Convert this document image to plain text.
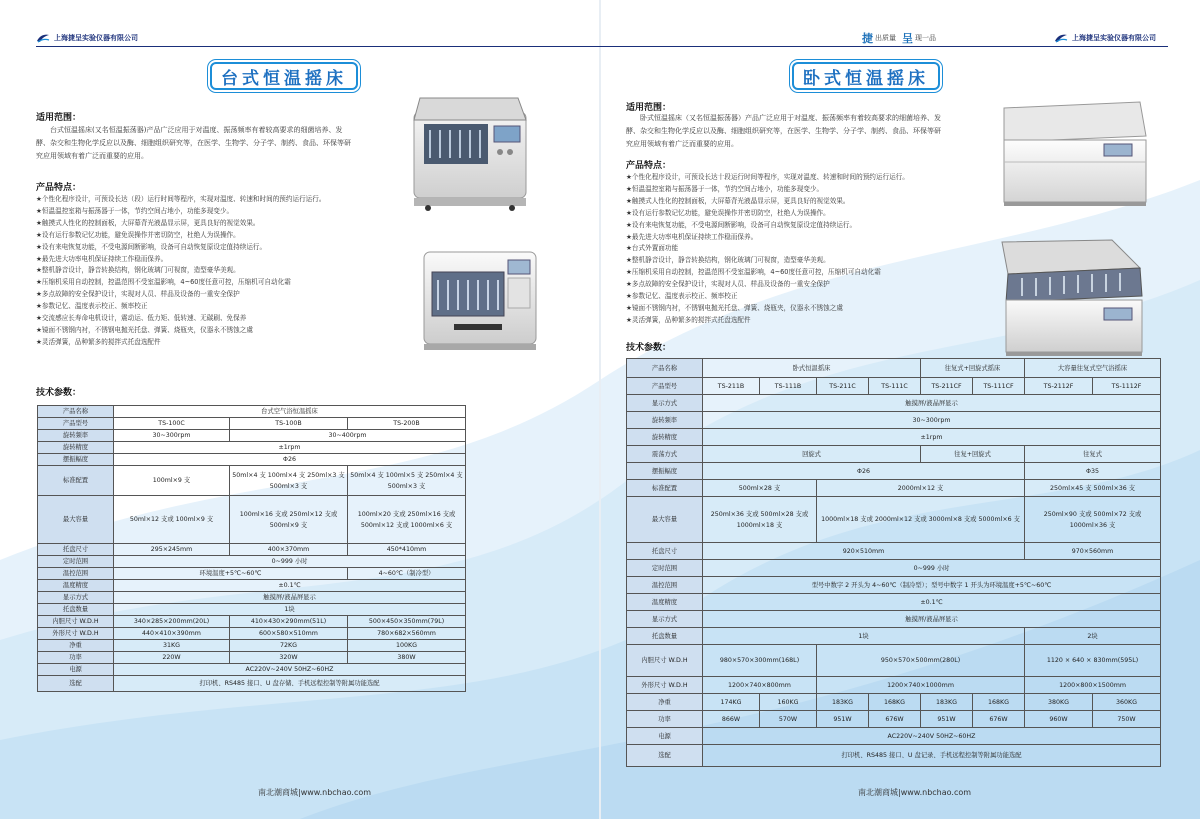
上海捷呈实验仪器有限公司
台式恒温摇床
适用范围：
台式恒温摇床(又名恒温振荡器)产品广泛应用于对温度、振荡频率有着较高要求的细菌培养、发酵、杂交和生物化学反应以及酶、细胞组织研究等，在医学、生物学、分子学、制药、食品、环保等研究应用领域有着广泛而重要的应用。
产品特点：
★个性化程序设计，可预设长达（段）运行时间等程序，实现对温度、转速和时间的预约运行运行。
★恒温温控室箱与振荡器于一体，节约空间占地小，功能多现变少。
★触摸式人性化的控制面板，大屏幕背光液晶显示屏，更具良好的视觉效果。
★设有运行参数记忆功能，避免误操作并密切防空，杜绝人为误操作。
★设有来电恢复功能，不受电源间断影响，设备可自动恢复原设定值持续运行。
★最先进大功率电机保证持续工作稳而保养。
★整机静音设计，静音转换结构，钢化玻璃门可视窗，造型豪华美观。
★压缩机采用自动控制，控温范围不受室温影响，4~60度任意可控，压缩机可自动化霜
★多点故障的安全保护设计，实现对人员、样品及设备的一重安全保护
★参数记忆、温度表示校正、频率校正
★交流感应长寿命电机设计，震动运、低力矩、低转速、无碳刷、免保养
★镜面不锈钢内衬，不锈钢电抛光托盘、弹簧、烧瓶夹，仪器永不锈蚀之虞
★灵活弹簧，品种繁多的搅拌式托盘选配件
技术参数：
产品名称	台式空气浴恒温摇床		
产品型号	TS-100C	TS-100B	TS-200B
旋转频率	30~300rpm	30~400rpm	
旋转精度	±1rpm		
摆振幅度	Φ26		
标准配置	100ml×9 支	50ml×4 支 100ml×4 支 250ml×3 支 500ml×3 支	50ml×4 支 100ml×5 支 250ml×4 支 500ml×3 支
最大容量	50ml×12 支或 100ml×9 支	100ml×16 支或 250ml×12 支或 500ml×9 支	100ml×20 支或 250ml×16 支或 500ml×12 支或 1000ml×6 支
托盘尺寸	295×245mm	400×370mm	450*410mm
定时范围	0~999 小时		
温控范围	环境温度+5℃~60℃		4~60℃（制冷型）
温度精度	±0.1℃		
显示方式	触摸屏/液晶屏显示		
托盘数量	1块		
内胆尺寸 W.D.H	340×285×200mm(20L)	410×430×290mm(51L)	500×450×350mm(79L)
外形尺寸 W.D.H	440×410×390mm	600×580×510mm	780×682×560mm
净重	31KG	72KG	100KG
功率	220W	320W	380W
电源	AC220V~240V 50HZ~60HZ		
选配	打印机、RS485 接口、U 盘存储、手机远程控制等附属功能选配		
南北潮商城|www.nbchao.com
捷 出质量 呈 现一品	上海捷呈实验仪器有限公司
卧式恒温摇床
适用范围：
卧式恒温摇床（又名恒温振荡器）产品广泛应用于对温度、振荡频率有着较高要求的细菌培养、发酵、杂交和生物化学反应以及酶、细胞组织研究等，在医学、生物学、分子学、制药、食品、环保等研究应用领域有着广泛而重要的应用。
产品特点：
★个性化程序设计，可预设长达十段运行时间等程序，实现对温度、转速和时间的预约运行运行。
★恒温温控室箱与振荡器于一体，节约空间占地小，功能多现变少。
★触摸式人性化的控制面板，大屏幕背光液晶显示屏，更具良好的视觉效果。
★设有运行参数记忆功能，避免误操作并密切防空，杜绝人为误操作。
★设有来电恢复功能，不受电源间断影响，设备可自动恢复原设定值持续运行。
★最先进大功率电机保证持续工作稳而保养。
★台式外置面功能
★整机静音设计，静音转换结构，钢化玻璃门可视窗，造型豪华美观。
★压缩机采用自动控制，控温范围不受室温影响，4~60度任意可控，压缩机可自动化霜
★多点故障的安全保护设计，实现对人员、样品及设备的一重安全保护
★参数记忆、温度表示校正、频率校正
★镜面不锈钢内衬，不锈钢电抛光托盘、弹簧、烧瓶夹，仪器永不锈蚀之虞
★灵活弹簧，品种繁多的搅拌式托盘选配件
技术参数：
产品名称	卧式恒温摇床				往复式+回旋式摇床		大容量往复式空气浴摇床	
产品型号	TS-211B	TS-111B	TS-211C	TS-111C	TS-211CF	TS-111CF	TS-2112F	TS-1112F
显示方式	触摸屏/液晶屏显示							
旋转频率	30~300rpm							
旋转精度	±1rpm							
震荡方式	回旋式				往复+回旋式		往复式	
摆振幅度	Φ26						Φ35	
标准配置	500ml×28 支		2000ml×12 支				250ml×45 支 500ml×36 支	
最大容量	250ml×36 支或 500ml×28 支或 1000ml×18 支		1000ml×18 支或 2000ml×12 支或 3000ml×8 支或 5000ml×6 支				250ml×90 支或 500ml×72 支或 1000ml×36 支	
托盘尺寸	920×510mm						970×560mm	
定时范围	0~999 小时							
温控范围	型号中数字 2 开头为 4~60℃（制冷型）；型号中数字 1 开头为环境温度+5℃~60℃							
温度精度	±0.1℃							
显示方式	触摸屏/液晶屏显示							
托盘数量	1块						2块	
内胆尺寸 W.D.H	980×570×300mm(168L)		950×570×500mm(280L)				1120 × 640 × 830mm(595L)	
外形尺寸 W.D.H	1200×740×800mm		1200×740×1000mm				1200×800×1500mm	
净重	174KG	160KG	183KG	168KG	183KG	168KG	380KG	360KG
功率	866W	570W	951W	676W	951W	676W	960W	750W
电源	AC220V~240V 50HZ~60HZ							
选配	打印机、RS485 接口、U 盘记录、手机远程控制等附属功能选配							
南北潮商城|www.nbchao.com
